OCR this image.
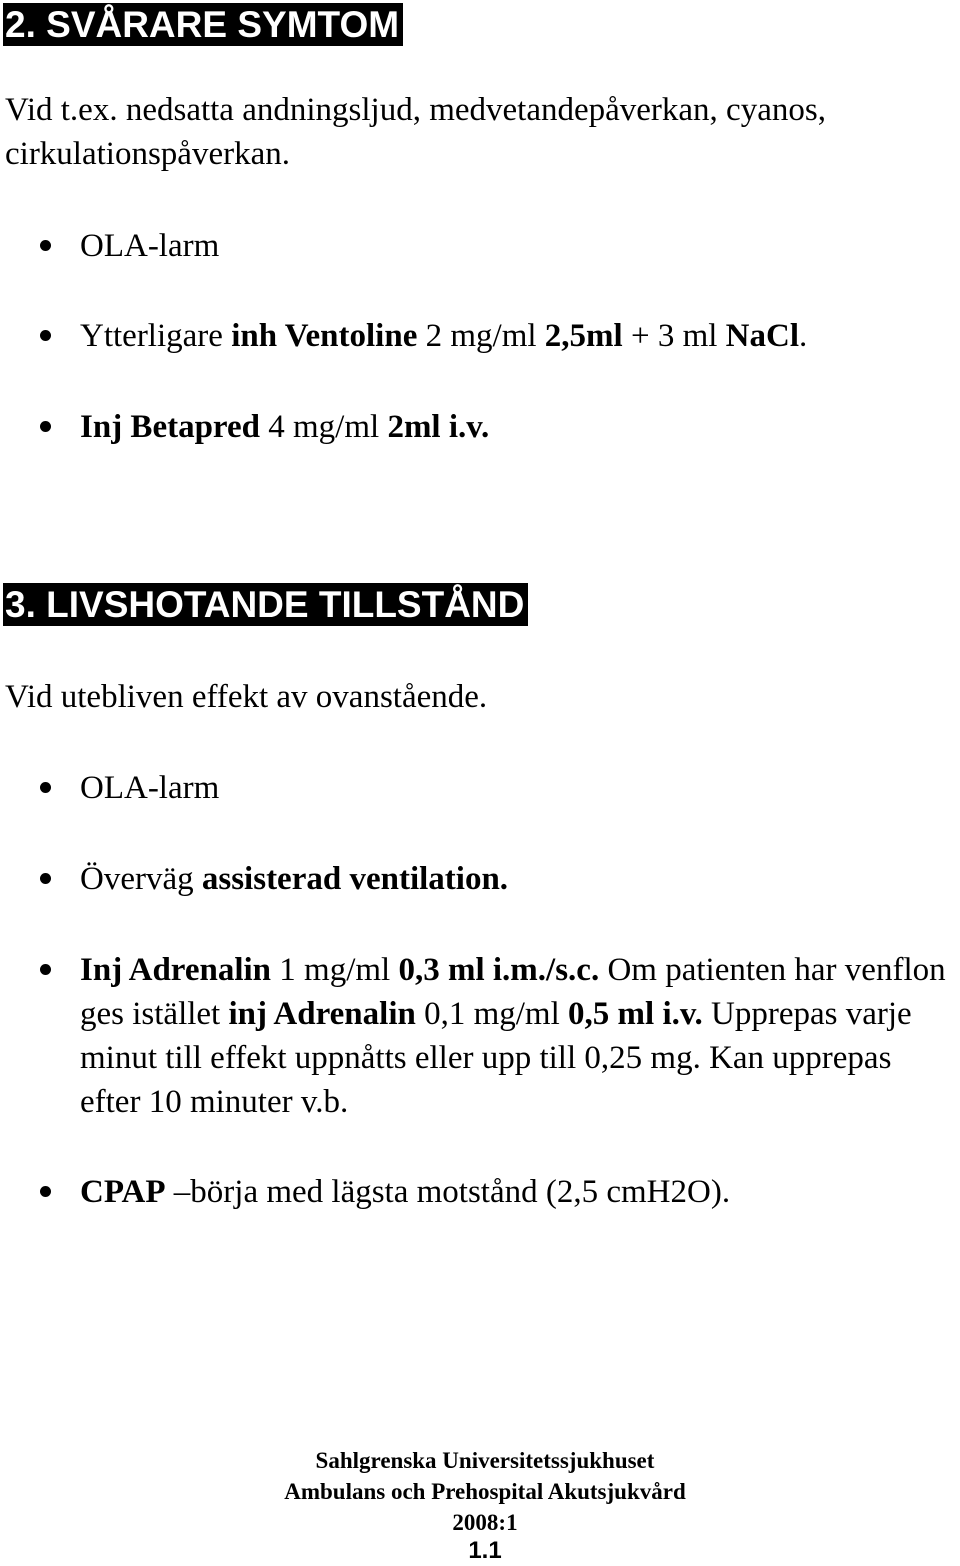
2. SVÅRARE SYMTOM
Vid t.ex. nedsatta andningsljud, medvetandepåverkan, cyanos, cirkulationspåverkan.
OLA-larm
Ytterligare inh Ventoline 2 mg/ml 2,5ml + 3 ml NaCl.
Inj Betapred 4 mg/ml 2ml i.v.
3. LIVSHOTANDE TILLSTÅND
Vid utebliven effekt av ovanstående.
OLA-larm
Överväg assisterad ventilation.
Inj Adrenalin 1 mg/ml 0,3 ml i.m./s.c. Om patienten har venflon ges istället inj Adrenalin 0,1 mg/ml 0,5 ml i.v. Upprepas varje minut till effekt uppnåtts eller upp till 0,25 mg. Kan upprepas efter 10 minuter v.b.
CPAP –börja med lägsta motstånd (2,5 cmH2O).
Sahlgrenska Universitetssjukhuset
Ambulans och Prehospital Akutsjukvård
2008:1
1.1
